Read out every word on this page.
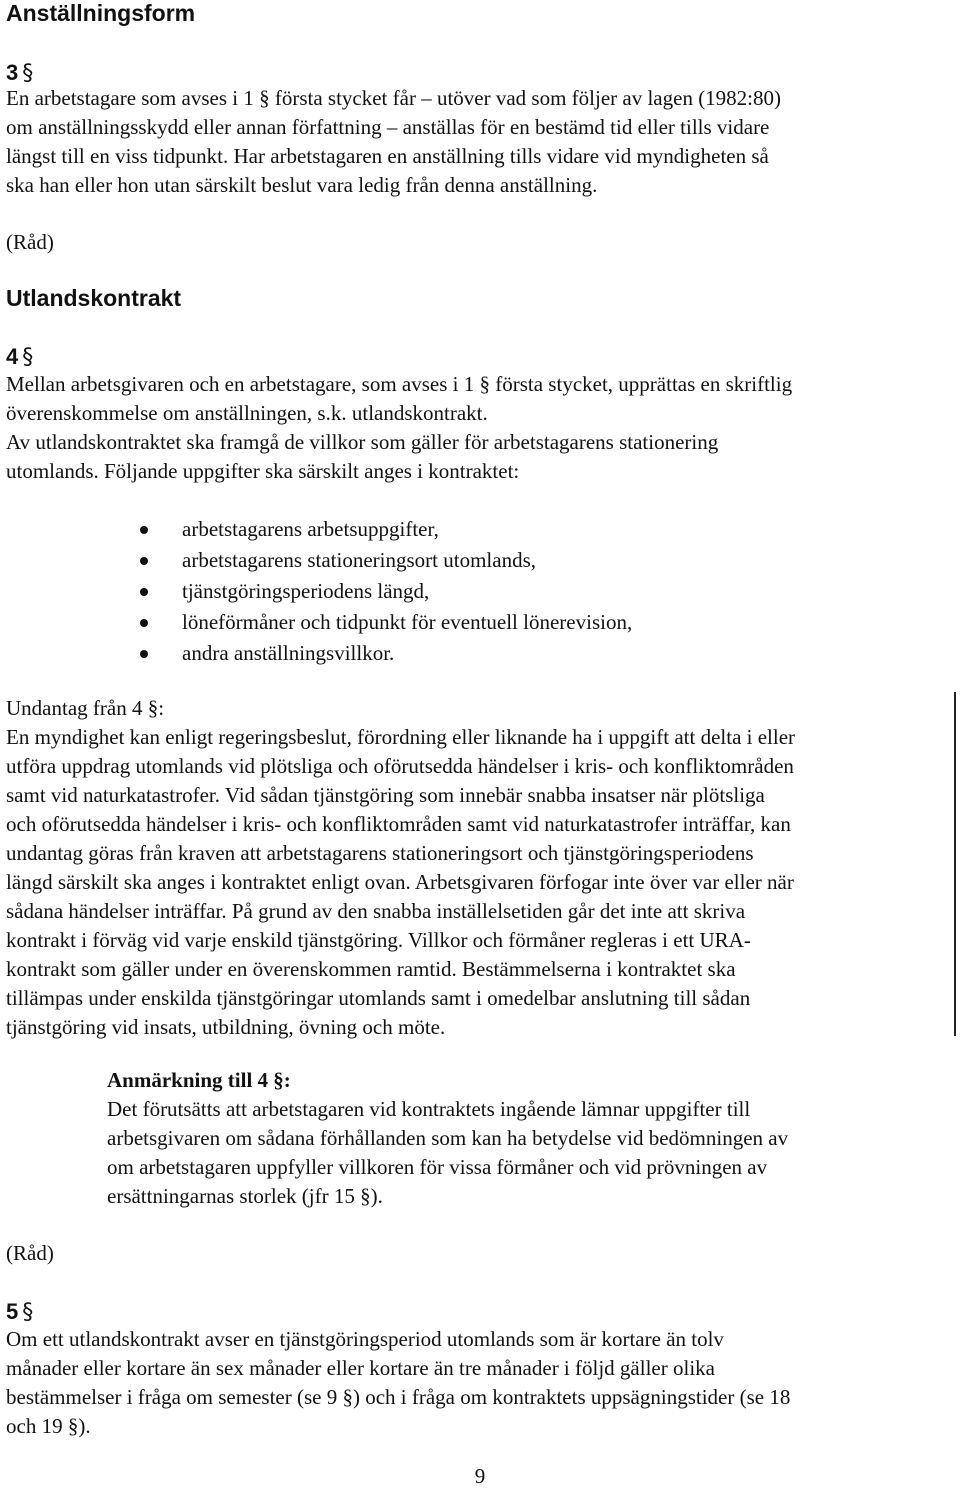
Anställningsform
3 §
En arbetstagare som avses i 1 § första stycket får – utöver vad som följer av lagen (1982:80)
om anställningsskydd eller annan författning – anställas för en bestämd tid eller tills vidare
längst till en viss tidpunkt. Har arbetstagaren en anställning tills vidare vid myndigheten så
ska han eller hon utan särskilt beslut vara ledig från denna anställning.
(Råd)
Utlandskontrakt
4 §
Mellan arbetsgivaren och en arbetstagare, som avses i 1 § första stycket, upprättas en skriftlig
överenskommelse om anställningen, s.k. utlandskontrakt.
Av utlandskontraktet ska framgå de villkor som gäller för arbetstagarens stationering
utomlands. Följande uppgifter ska särskilt anges i kontraktet:
arbetstagarens arbetsuppgifter,
arbetstagarens stationeringsort utomlands,
tjänstgöringsperiodens längd,
löneförmåner och tidpunkt för eventuell lönerevision,
andra anställningsvillkor.
Undantag från 4 §:
En myndighet kan enligt regeringsbeslut, förordning eller liknande ha i uppgift att delta i eller
utföra uppdrag utomlands vid plötsliga och oförutsedda händelser i kris- och konfliktområden
samt vid naturkatastrofer. Vid sådan tjänstgöring som innebär snabba insatser när plötsliga
och oförutsedda händelser i kris- och konfliktområden samt vid naturkatastrofer inträffar, kan
undantag göras från kraven att arbetstagarens stationeringsort och tjänstgöringsperiodens
längd särskilt ska anges i kontraktet enligt ovan. Arbetsgivaren förfogar inte över var eller när
sådana händelser inträffar. På grund av den snabba inställelsetiden går det inte att skriva
kontrakt i förväg vid varje enskild tjänstgöring. Villkor och förmåner regleras i ett URA-
kontrakt som gäller under en överenskommen ramtid. Bestämmelserna i kontraktet ska
tillämpas under enskilda tjänstgöringar utomlands samt i omedelbar anslutning till sådan
tjänstgöring vid insats, utbildning, övning och möte.
Anmärkning till 4 §:
Det förutsätts att arbetstagaren vid kontraktets ingående lämnar uppgifter till
arbetsgivaren om sådana förhållanden som kan ha betydelse vid bedömningen av
om arbetstagaren uppfyller villkoren för vissa förmåner och vid prövningen av
ersättningarnas storlek (jfr 15 §).
(Råd)
5 §
Om ett utlandskontrakt avser en tjänstgöringsperiod utomlands som är kortare än tolv
månader eller kortare än sex månader eller kortare än tre månader i följd gäller olika
bestämmelser i fråga om semester (se 9 §) och i fråga om kontraktets uppsägningstider (se 18
och 19 §).
9
